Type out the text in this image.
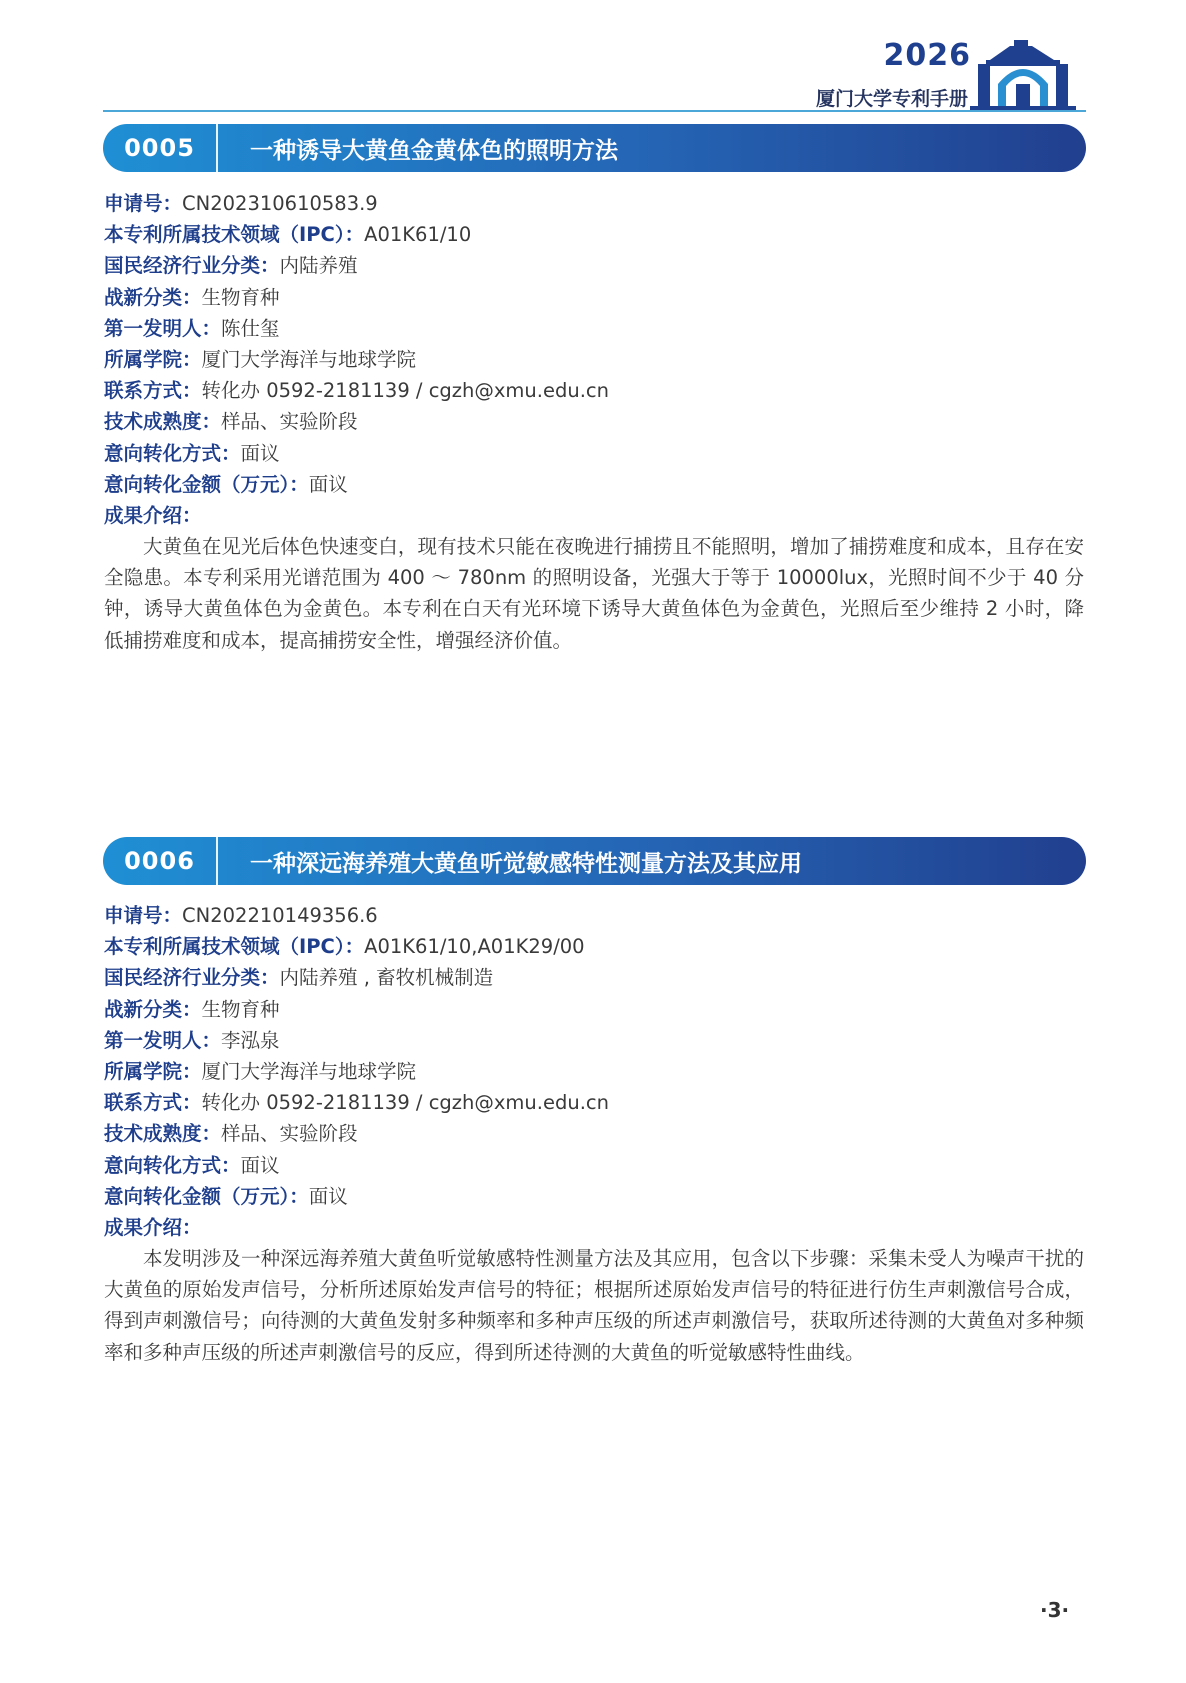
2026
厦门大学专利手册
0005	一种诱导大黄鱼金黄体色的照明方法
申请号：CN202310610583.9
本专利所属技术领域（IPC）：A01K61/10
国民经济行业分类：内陆养殖
战新分类：生物育种
第一发明人：陈仕玺
所属学院：厦门大学海洋与地球学院
联系方式：转化办 0592-2181139 / cgzh@xmu.edu.cn
技术成熟度：样品、实验阶段
意向转化方式：面议
意向转化金额（万元）：面议
成果介绍：

大黄鱼在见光后体色快速变白，现有技术只能在夜晚进行捕捞且不能照明，增加了捕捞难度和成本，且存在安全隐患。本专利采用光谱范围为 400 ～ 780nm 的照明设备，光强大于等于 10000lux，光照时间不少于 40 分钟，诱导大黄鱼体色为金黄色。本专利在白天有光环境下诱导大黄鱼体色为金黄色，光照后至少维持 2 小时，降低捕捞难度和成本，提高捕捞安全性，增强经济价值。

0006	一种深远海养殖大黄鱼听觉敏感特性测量方法及其应用
申请号：CN202210149356.6
本专利所属技术领域（IPC）：A01K61/10,A01K29/00
国民经济行业分类：内陆养殖 , 畜牧机械制造
战新分类：生物育种
第一发明人：李泓泉
所属学院：厦门大学海洋与地球学院
联系方式：转化办 0592-2181139 / cgzh@xmu.edu.cn
技术成熟度：样品、实验阶段
意向转化方式：面议
意向转化金额（万元）：面议
成果介绍：

本发明涉及一种深远海养殖大黄鱼听觉敏感特性测量方法及其应用，包含以下步骤：采集未受人为噪声干扰的大黄鱼的原始发声信号，分析所述原始发声信号的特征；根据所述原始发声信号的特征进行仿生声刺激信号合成，得到声刺激信号；向待测的大黄鱼发射多种频率和多种声压级的所述声刺激信号，获取所述待测的大黄鱼对多种频率和多种声压级的所述声刺激信号的反应，得到所述待测的大黄鱼的听觉敏感特性曲线。

·3·
